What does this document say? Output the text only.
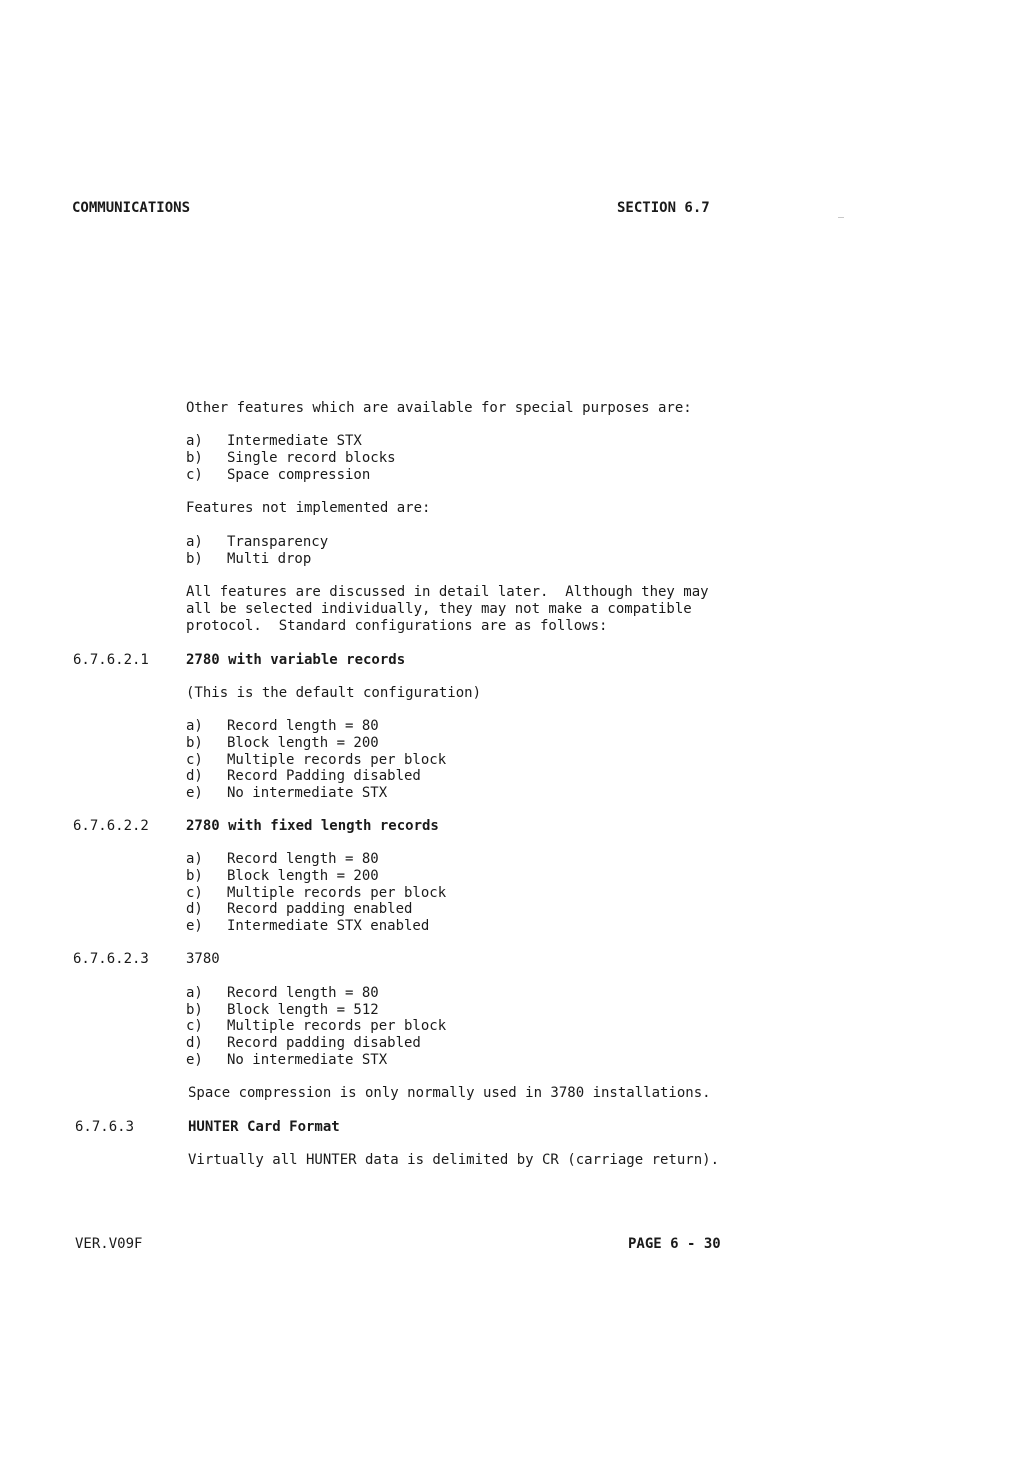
COMMUNICATIONS	SECTION 6.7
Other features which are available for special purposes are:
a) Intermediate STX
b) Single record blocks
c) Space compression
Features not implemented are:
a) Transparency
b) Multi drop
All features are discussed in detail later.  Although they may
all be selected individually, they may not make a compatible
protocol.  Standard configurations are as follows:
6.7.6.2.1	2780 with variable records
(This is the default configuration)
a) Record length = 80
b) Block length = 200
c) Multiple records per block
d) Record Padding disabled
e) No intermediate STX
6.7.6.2.2	2780 with fixed length records
a) Record length = 80
b) Block length = 200
c) Multiple records per block
d) Record padding enabled
e) Intermediate STX enabled
6.7.6.2.3	3780
a) Record length = 80
b) Block length = 512
c) Multiple records per block
d) Record padding disabled
e) No intermediate STX
Space compression is only normally used in 3780 installations.
6.7.6.3	HUNTER Card Format
Virtually all HUNTER data is delimited by CR (carriage return).
VER.V09F	PAGE 6 - 30
